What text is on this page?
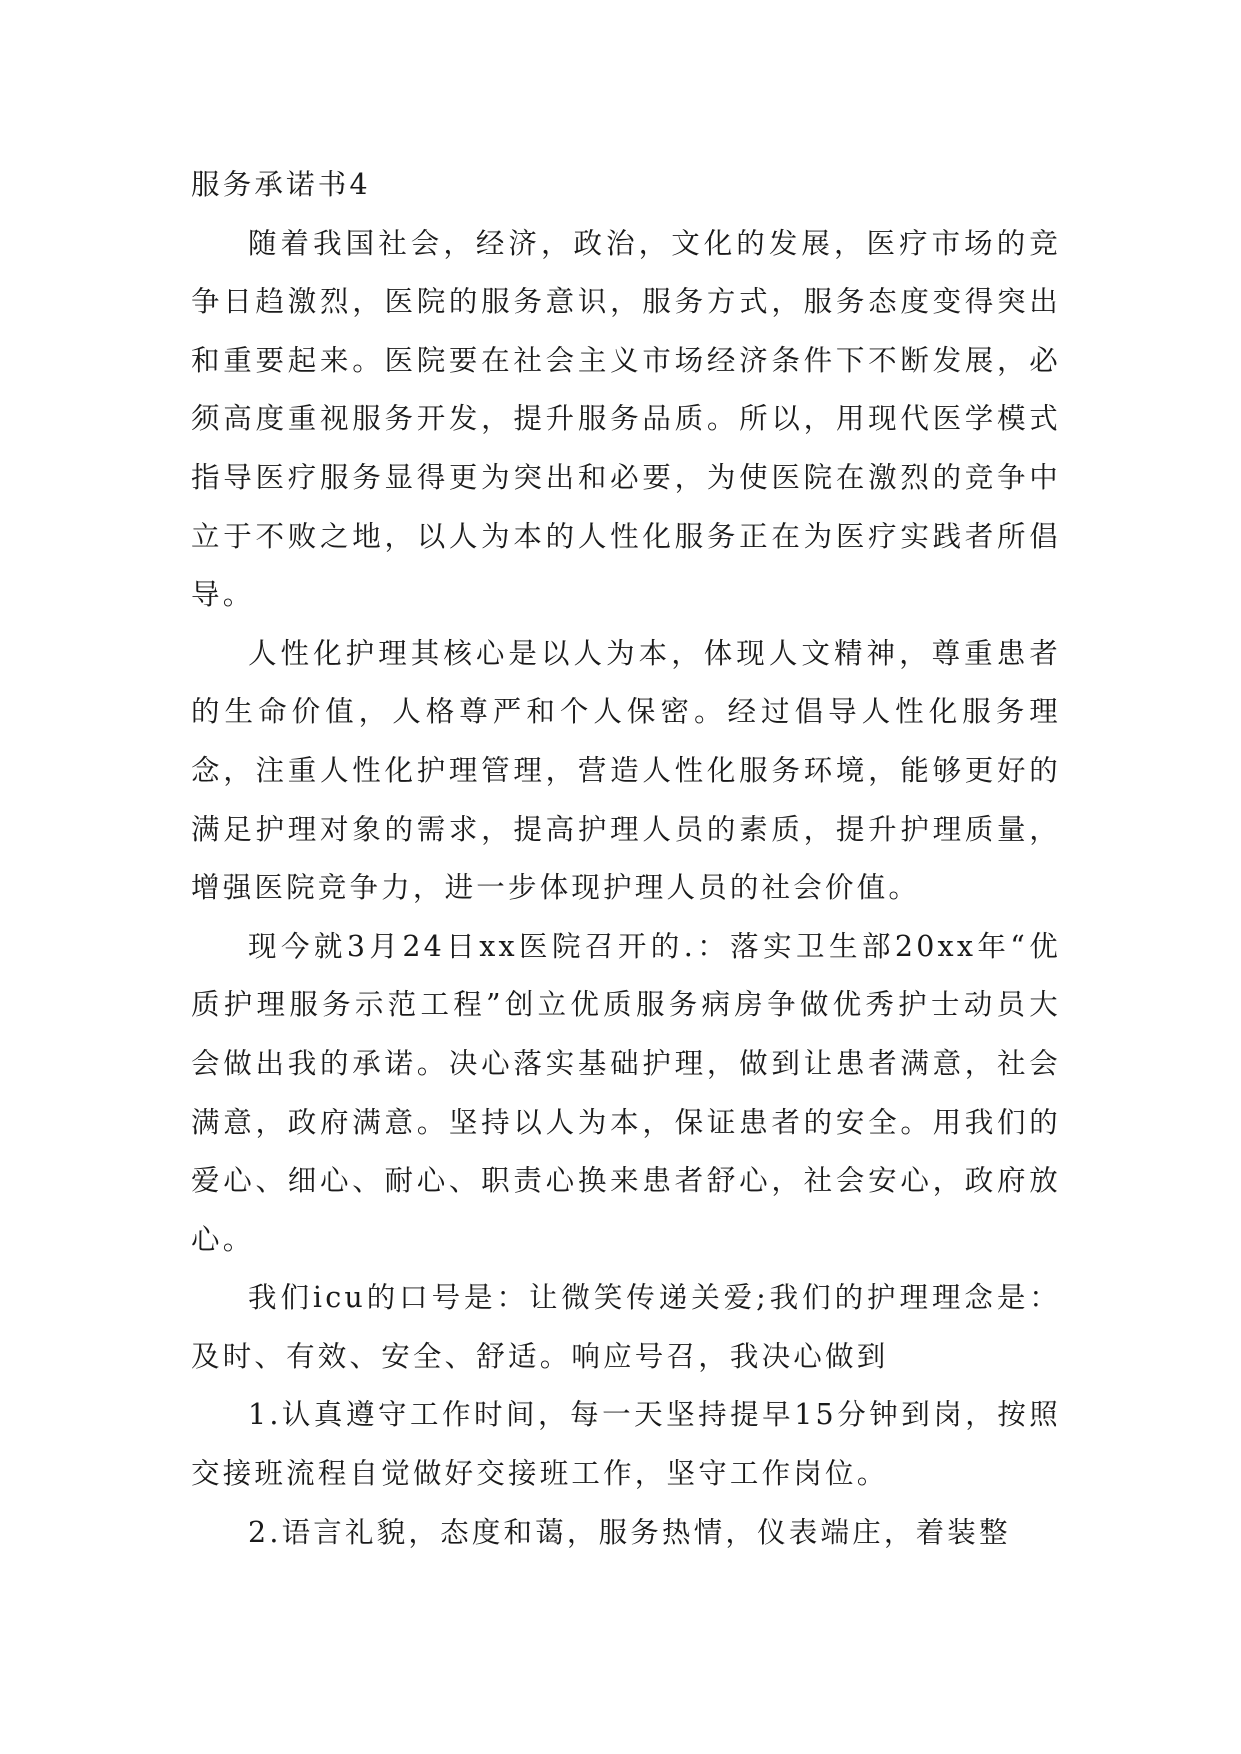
服务承诺书4

随着我国社会，经济，政治，文化的发展，医疗市场的竞争日趋激烈，医院的服务意识，服务方式，服务态度变得突出和重要起来。医院要在社会主义市场经济条件下不断发展，必须高度重视服务开发，提升服务品质。所以，用现代医学模式指导医疗服务显得更为突出和必要，为使医院在激烈的竞争中立于不败之地，以人为本的人性化服务正在为医疗实践者所倡导。

人性化护理其核心是以人为本，体现人文精神，尊重患者的生命价值，人格尊严和个人保密。经过倡导人性化服务理念，注重人性化护理管理，营造人性化服务环境，能够更好的满足护理对象的需求，提高护理人员的素质，提升护理质量，增强医院竞争力，进一步体现护理人员的社会价值。

现今就3月24日xx医院召开的.：落实卫生部20xx年“优质护理服务示范工程”创立优质服务病房争做优秀护士动员大会做出我的承诺。决心落实基础护理，做到让患者满意，社会满意，政府满意。坚持以人为本，保证患者的安全。用我们的爱心、细心、耐心、职责心换来患者舒心，社会安心，政府放心。

我们icu的口号是：让微笑传递关爱;我们的护理理念是：及时、有效、安全、舒适。响应号召，我决心做到

1.认真遵守工作时间，每一天坚持提早15分钟到岗，按照交接班流程自觉做好交接班工作，坚守工作岗位。

2.语言礼貌，态度和蔼，服务热情，仪表端庄，着装整
